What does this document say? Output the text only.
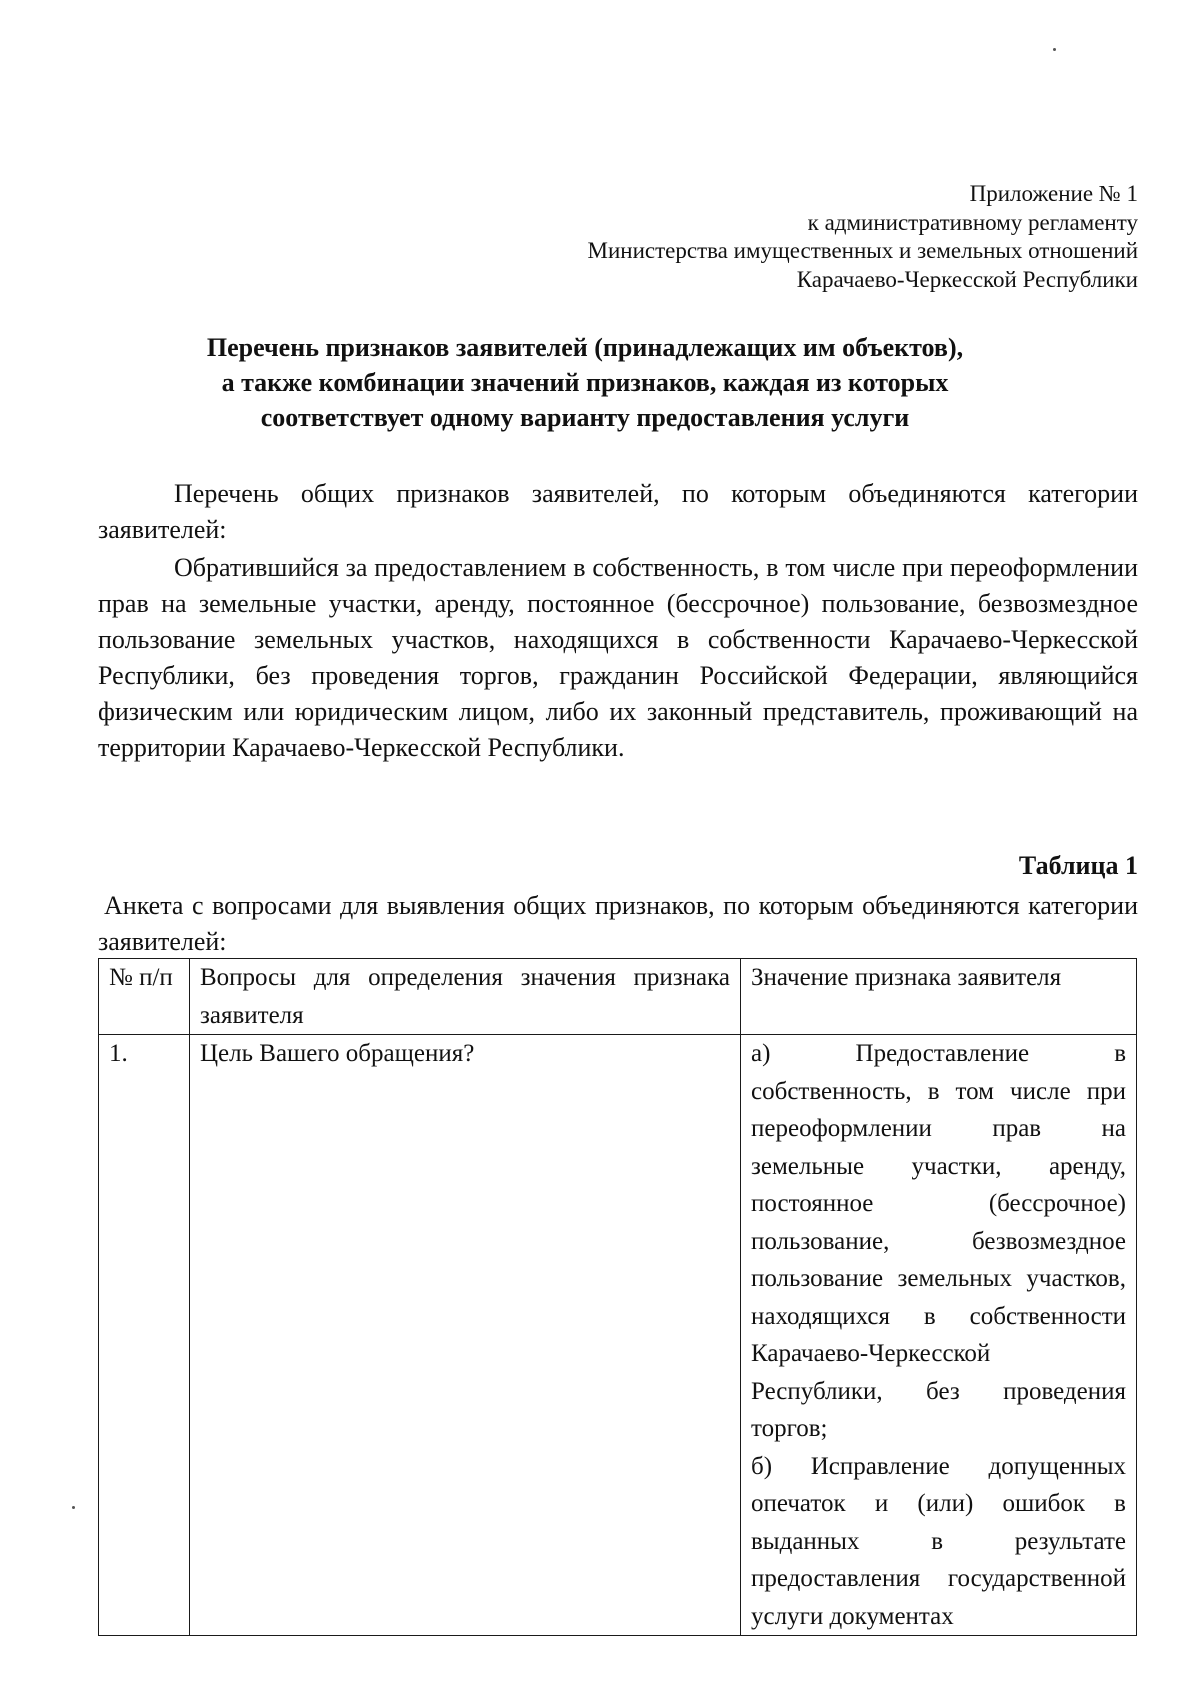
Приложение № 1
к административному регламенту
Министерства имущественных и земельных отношений
Карачаево-Черкесской Республики
Перечень признаков заявителей (принадлежащих им объектов),
а также комбинации значений признаков, каждая из которых
соответствует одному варианту предоставления услуги
Перечень общих признаков заявителей, по которым объединяются категории заявителей:
Обратившийся за предоставлением в собственность, в том числе при переоформлении прав на земельные участки, аренду, постоянное (бессрочное) пользование, безвозмездное пользование земельных участков, находящихся в собственности Карачаево-Черкесской Республики, без проведения торгов, гражданин Российской Федерации, являющийся физическим или юридическим лицом, либо их законный представитель, проживающий на территории Карачаево-Черкесской Республики.
Таблица 1
Анкета с вопросами для выявления общих признаков, по которым объединяются категории заявителей:
№ п/п	Вопросы для определения значения признака заявителя	Значение признака заявителя
1.	Цель Вашего обращения?	а) Предоставление в собственность, в том числе при переоформлении прав на земельные участки, аренду, постоянное (бессрочное) пользование, безвозмездное пользование земельных участков, находящихся в собственности Карачаево-Черкесской Республики, без проведения торгов;
б) Исправление допущенных опечаток и (или) ошибок в выданных в результате предоставления государственной услуги документах
